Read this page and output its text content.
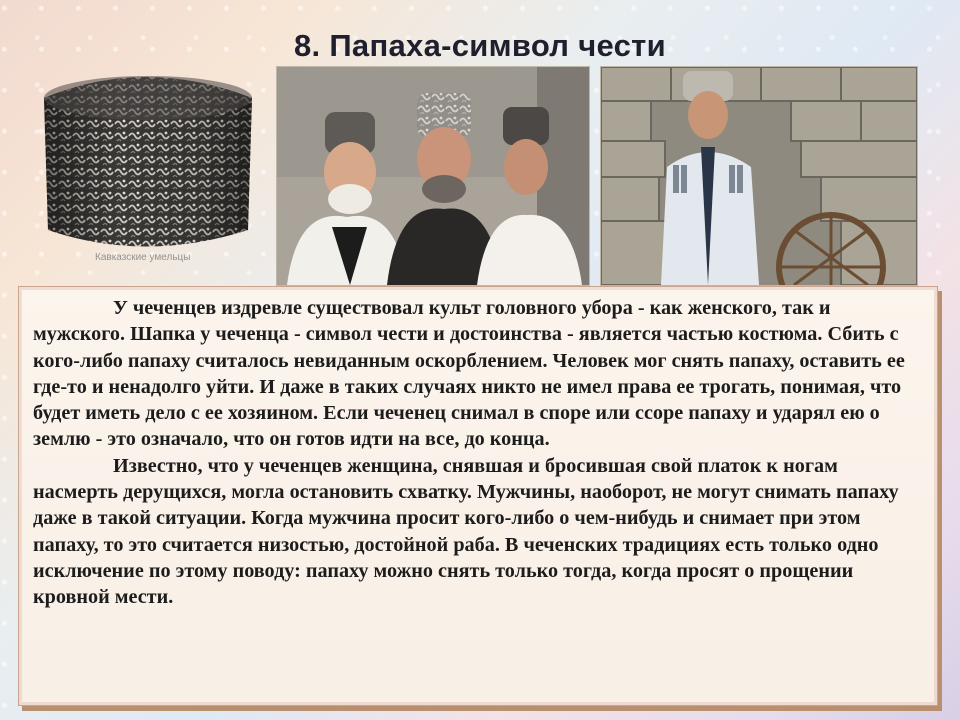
8. Папаха-символ чести
Кавказские умельцы

У чеченцев издревле существовал культ головного убора - как женского, так и мужского. Шапка у чеченца - символ чести и достоинства - является частью костюма. Сбить с кого-либо папаху считалось невиданным оскорблением. Человек мог снять папаху, оставить ее где-то и ненадолго уйти. И даже в таких случаях никто не имел права ее трогать, понимая, что будет иметь дело с ее хозяином. Если чеченец снимал в споре или ссоре папаху и ударял ею о землю - это означало, что он готов идти на все, до конца.

Известно, что у чеченцев женщина, снявшая и бросившая свой платок к ногам насмерть дерущихся, могла остановить схватку. Мужчины, наоборот, не могут снимать папаху даже в такой ситуации. Когда мужчина просит кого-либо о чем-нибудь и снимает при этом папаху, то это считается низостью, достойной раба. В чеченских традициях есть только одно исключение по этому поводу: папаху можно снять только тогда, когда просят о прощении кровной мести.
